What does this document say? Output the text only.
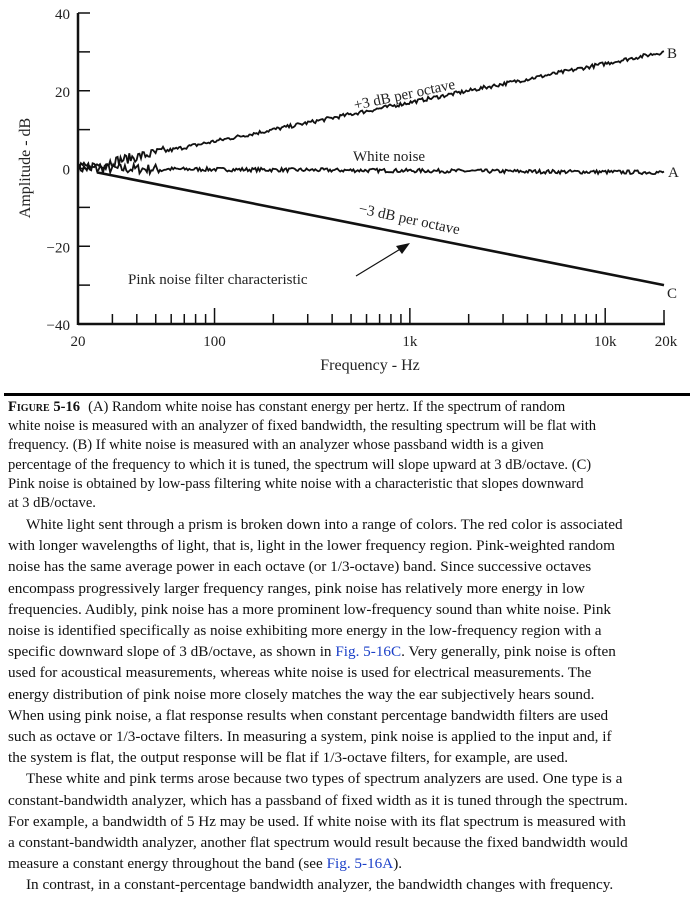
40
20
0
−20
−40
20	100	1k	10k	20k
Frequency - Hz
Amplitude - dB
B
A
C
+3 dB per octave
White noise
−3 dB per octave
Pink noise filter characteristic
Figure 5-16 (A) Random white noise has constant energy per hertz. If the spectrum of random
white noise is measured with an analyzer of fixed bandwidth, the resulting spectrum will be flat with
frequency. (B) If white noise is measured with an analyzer whose passband width is a given
percentage of the frequency to which it is tuned, the spectrum will slope upward at 3 dB/octave. (C)
Pink noise is obtained by low-pass filtering white noise with a characteristic that slopes downward
at 3 dB/octave.
White light sent through a prism is broken down into a range of colors. The red color is associated
with longer wavelengths of light, that is, light in the lower frequency region. Pink-weighted random
noise has the same average power in each octave (or 1/3-octave) band. Since successive octaves
encompass progressively larger frequency ranges, pink noise has relatively more energy in low
frequencies. Audibly, pink noise has a more prominent low-frequency sound than white noise. Pink
noise is identified specifically as noise exhibiting more energy in the low-frequency region with a
specific downward slope of 3 dB/octave, as shown in Fig. 5-16C. Very generally, pink noise is often
used for acoustical measurements, whereas white noise is used for electrical measurements. The
energy distribution of pink noise more closely matches the way the ear subjectively hears sound.
When using pink noise, a flat response results when constant percentage bandwidth filters are used
such as octave or 1/3-octave filters. In measuring a system, pink noise is applied to the input and, if
the system is flat, the output response will be flat if 1/3-octave filters, for example, are used.
These white and pink terms arose because two types of spectrum analyzers are used. One type is a
constant-bandwidth analyzer, which has a passband of fixed width as it is tuned through the spectrum.
For example, a bandwidth of 5 Hz may be used. If white noise with its flat spectrum is measured with
a constant-bandwidth analyzer, another flat spectrum would result because the fixed bandwidth would
measure a constant energy throughout the band (see Fig. 5-16A).
In contrast, in a constant-percentage bandwidth analyzer, the bandwidth changes with frequency.
